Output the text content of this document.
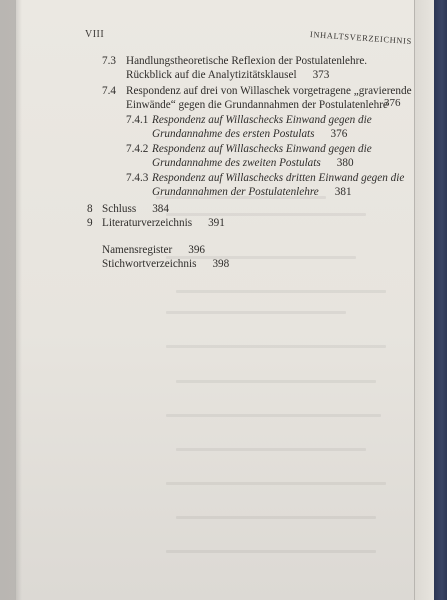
VIII	INHALTSVERZEICHNIS
7.3 Handlungstheoretische Reflexion der Postulatenlehre.
Rückblick auf die Analytizitätsklausel 373
7.4 Respondenz auf drei von Willaschek vorgetragene „gravierende
Einwände“ gegen die Grundannahmen der Postulatenlehre
376
7.4.1 Respondenz auf Willaschecks Einwand gegen die
Grundannahme des ersten Postulats 376
7.4.2 Respondenz auf Willaschecks Einwand gegen die
Grundannahme des zweiten Postulats 380
7.4.3 Respondenz auf Willaschecks dritten Einwand gegen die
Grundannahmen der Postulatenlehre 381
8 Schluss 384
9 Literaturverzeichnis 391
Namensregister 396
Stichwortverzeichnis 398
